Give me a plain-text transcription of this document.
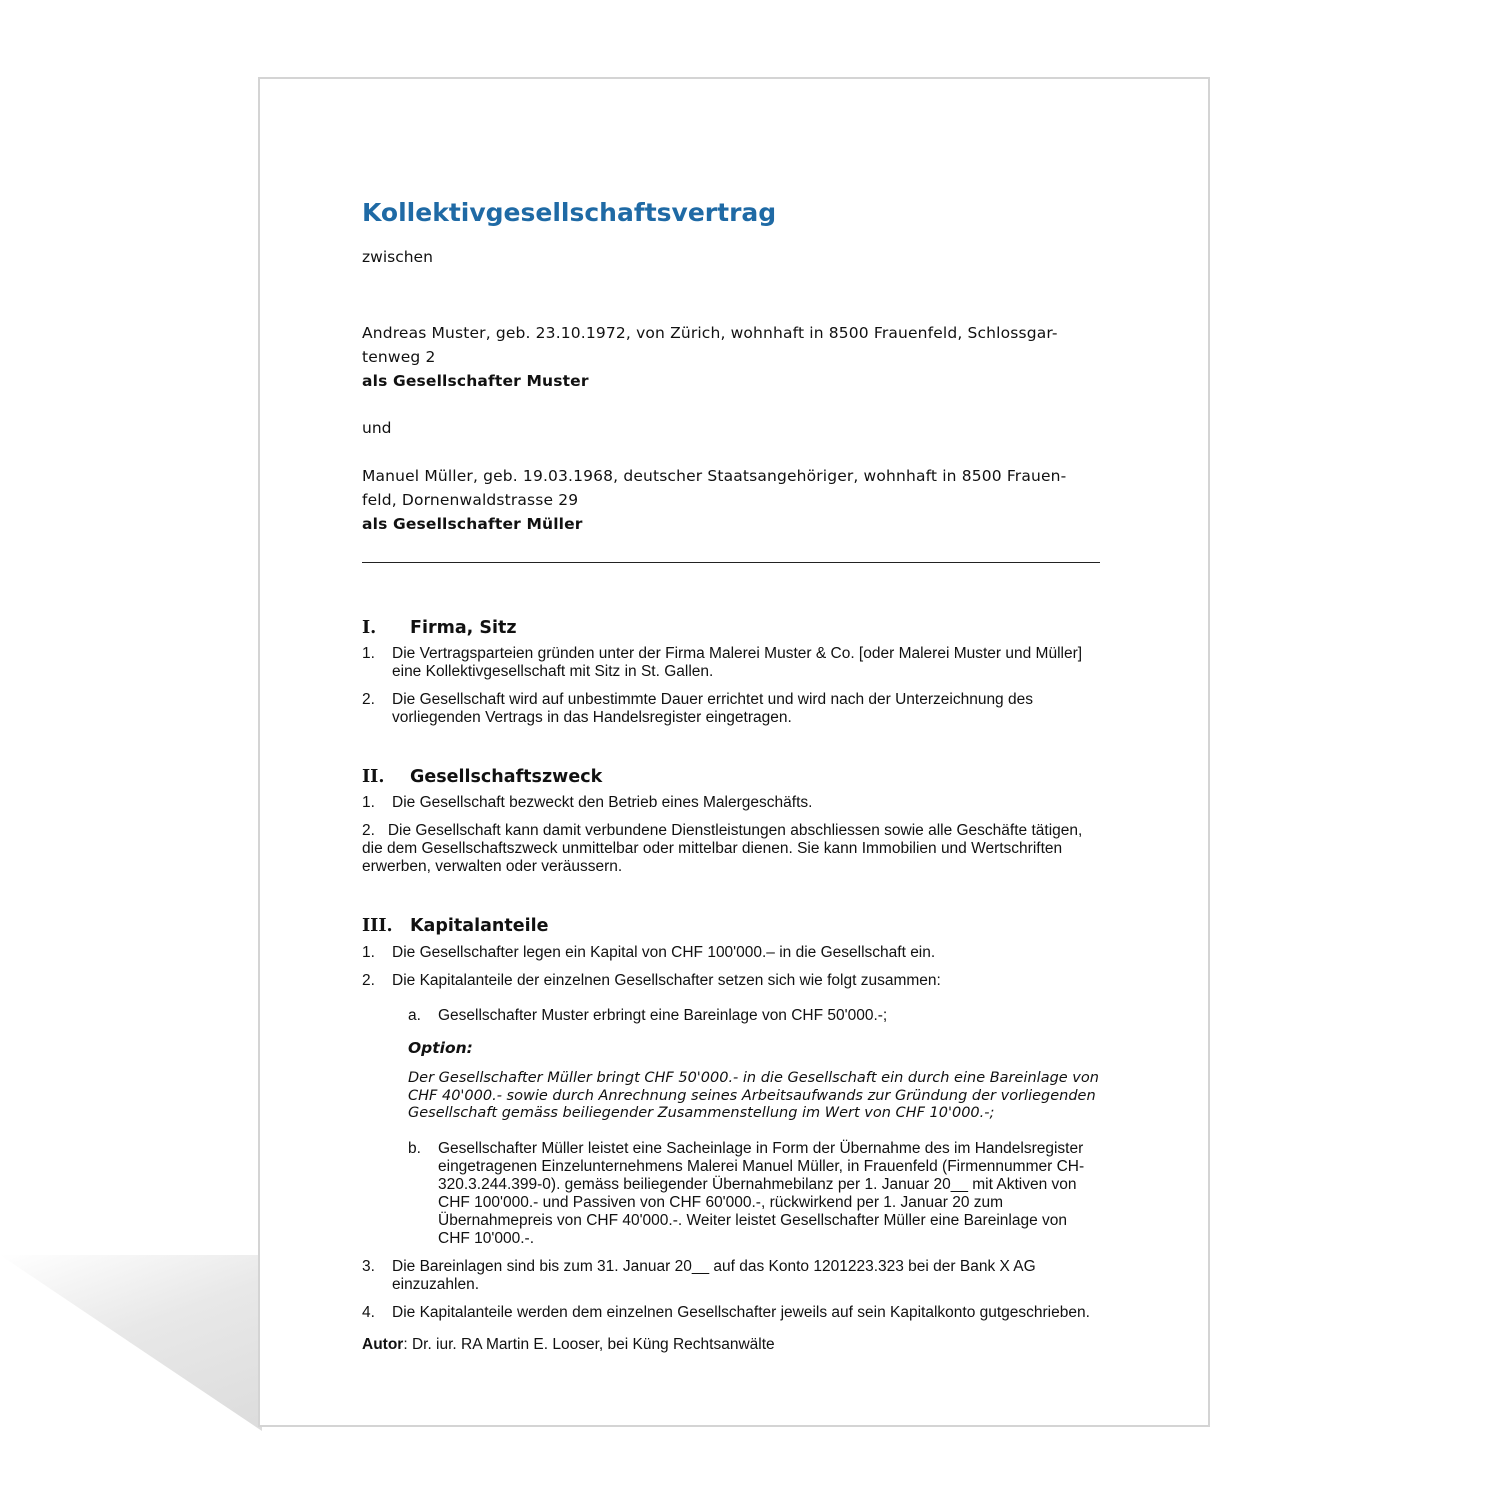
Kollektivgesellschaftsvertrag

zwischen

Andreas Muster, geb. 23.10.1972, von Zürich, wohnhaft in 8500 Frauenfeld, Schlossgar-

tenweg 2

als Gesellschafter Muster

und

Manuel Müller, geb. 19.03.1968, deutscher Staatsangehöriger, wohnhaft in 8500 Frauen-

feld, Dornenwaldstrasse 29

als Gesellschafter Müller

I.	Firma, Sitz
1.	Die Vertragsparteien gründen unter der Firma Malerei Muster & Co. [oder Malerei Muster und Müller] eine Kollektivgesellschaft mit Sitz in St. Gallen.
2.	Die Gesellschaft wird auf unbestimmte Dauer errichtet und wird nach der Unterzeichnung des vorliegenden Vertrags in das Handelsregister eingetragen.
II.	Gesellschaftszweck
1.	Die Gesellschaft bezweckt den Betrieb eines Malergeschäfts.

2.   Die Gesellschaft kann damit verbundene Dienstleistungen abschliessen sowie alle Geschäfte tätigen, die dem Gesellschaftszweck unmittelbar oder mittelbar dienen. Sie kann Immobilien und Wertschriften erwerben, verwalten oder veräussern.

III. Kapitalanteile
1.	Die Gesellschafter legen ein Kapital von CHF 100'000.– in die Gesellschaft ein.
2.	Die Kapitalanteile der einzelnen Gesellschafter setzen sich wie folgt zusammen:
a.	Gesellschafter Muster erbringt eine Bareinlage von CHF 50'000.-;

Option:

Der Gesellschafter Müller bringt CHF 50'000.- in die Gesellschaft ein durch eine Bareinlage von CHF 40'000.- sowie durch Anrechnung seines Arbeitsaufwands zur Gründung der vorliegenden Gesellschaft gemäss beiliegender Zusammenstellung im Wert von CHF 10'000.-;

b.	Gesellschafter Müller leistet eine Sacheinlage in Form der Übernahme des im Handelsregister eingetragenen Einzelunternehmens Malerei Manuel Müller, in Frauenfeld (Firmennummer CH-320.3.244.399-0). gemäss beiliegender Übernahmebilanz per 1. Januar 20__ mit Aktiven von CHF 100'000.- und Passiven von CHF 60'000.-, rückwirkend per 1. Januar 20 zum Übernahmepreis von CHF 40'000.-. Weiter leistet Gesellschafter Müller eine Bareinlage von CHF 10'000.-.
3.	Die Bareinlagen sind bis zum 31. Januar 20__ auf das Konto 1201223.323 bei der Bank X AG einzuzahlen.
4.	Die Kapitalanteile werden dem einzelnen Gesellschafter jeweils auf sein Kapitalkonto gutgeschrieben.

Autor: Dr. iur. RA Martin E. Looser, bei Küng Rechtsanwälte
